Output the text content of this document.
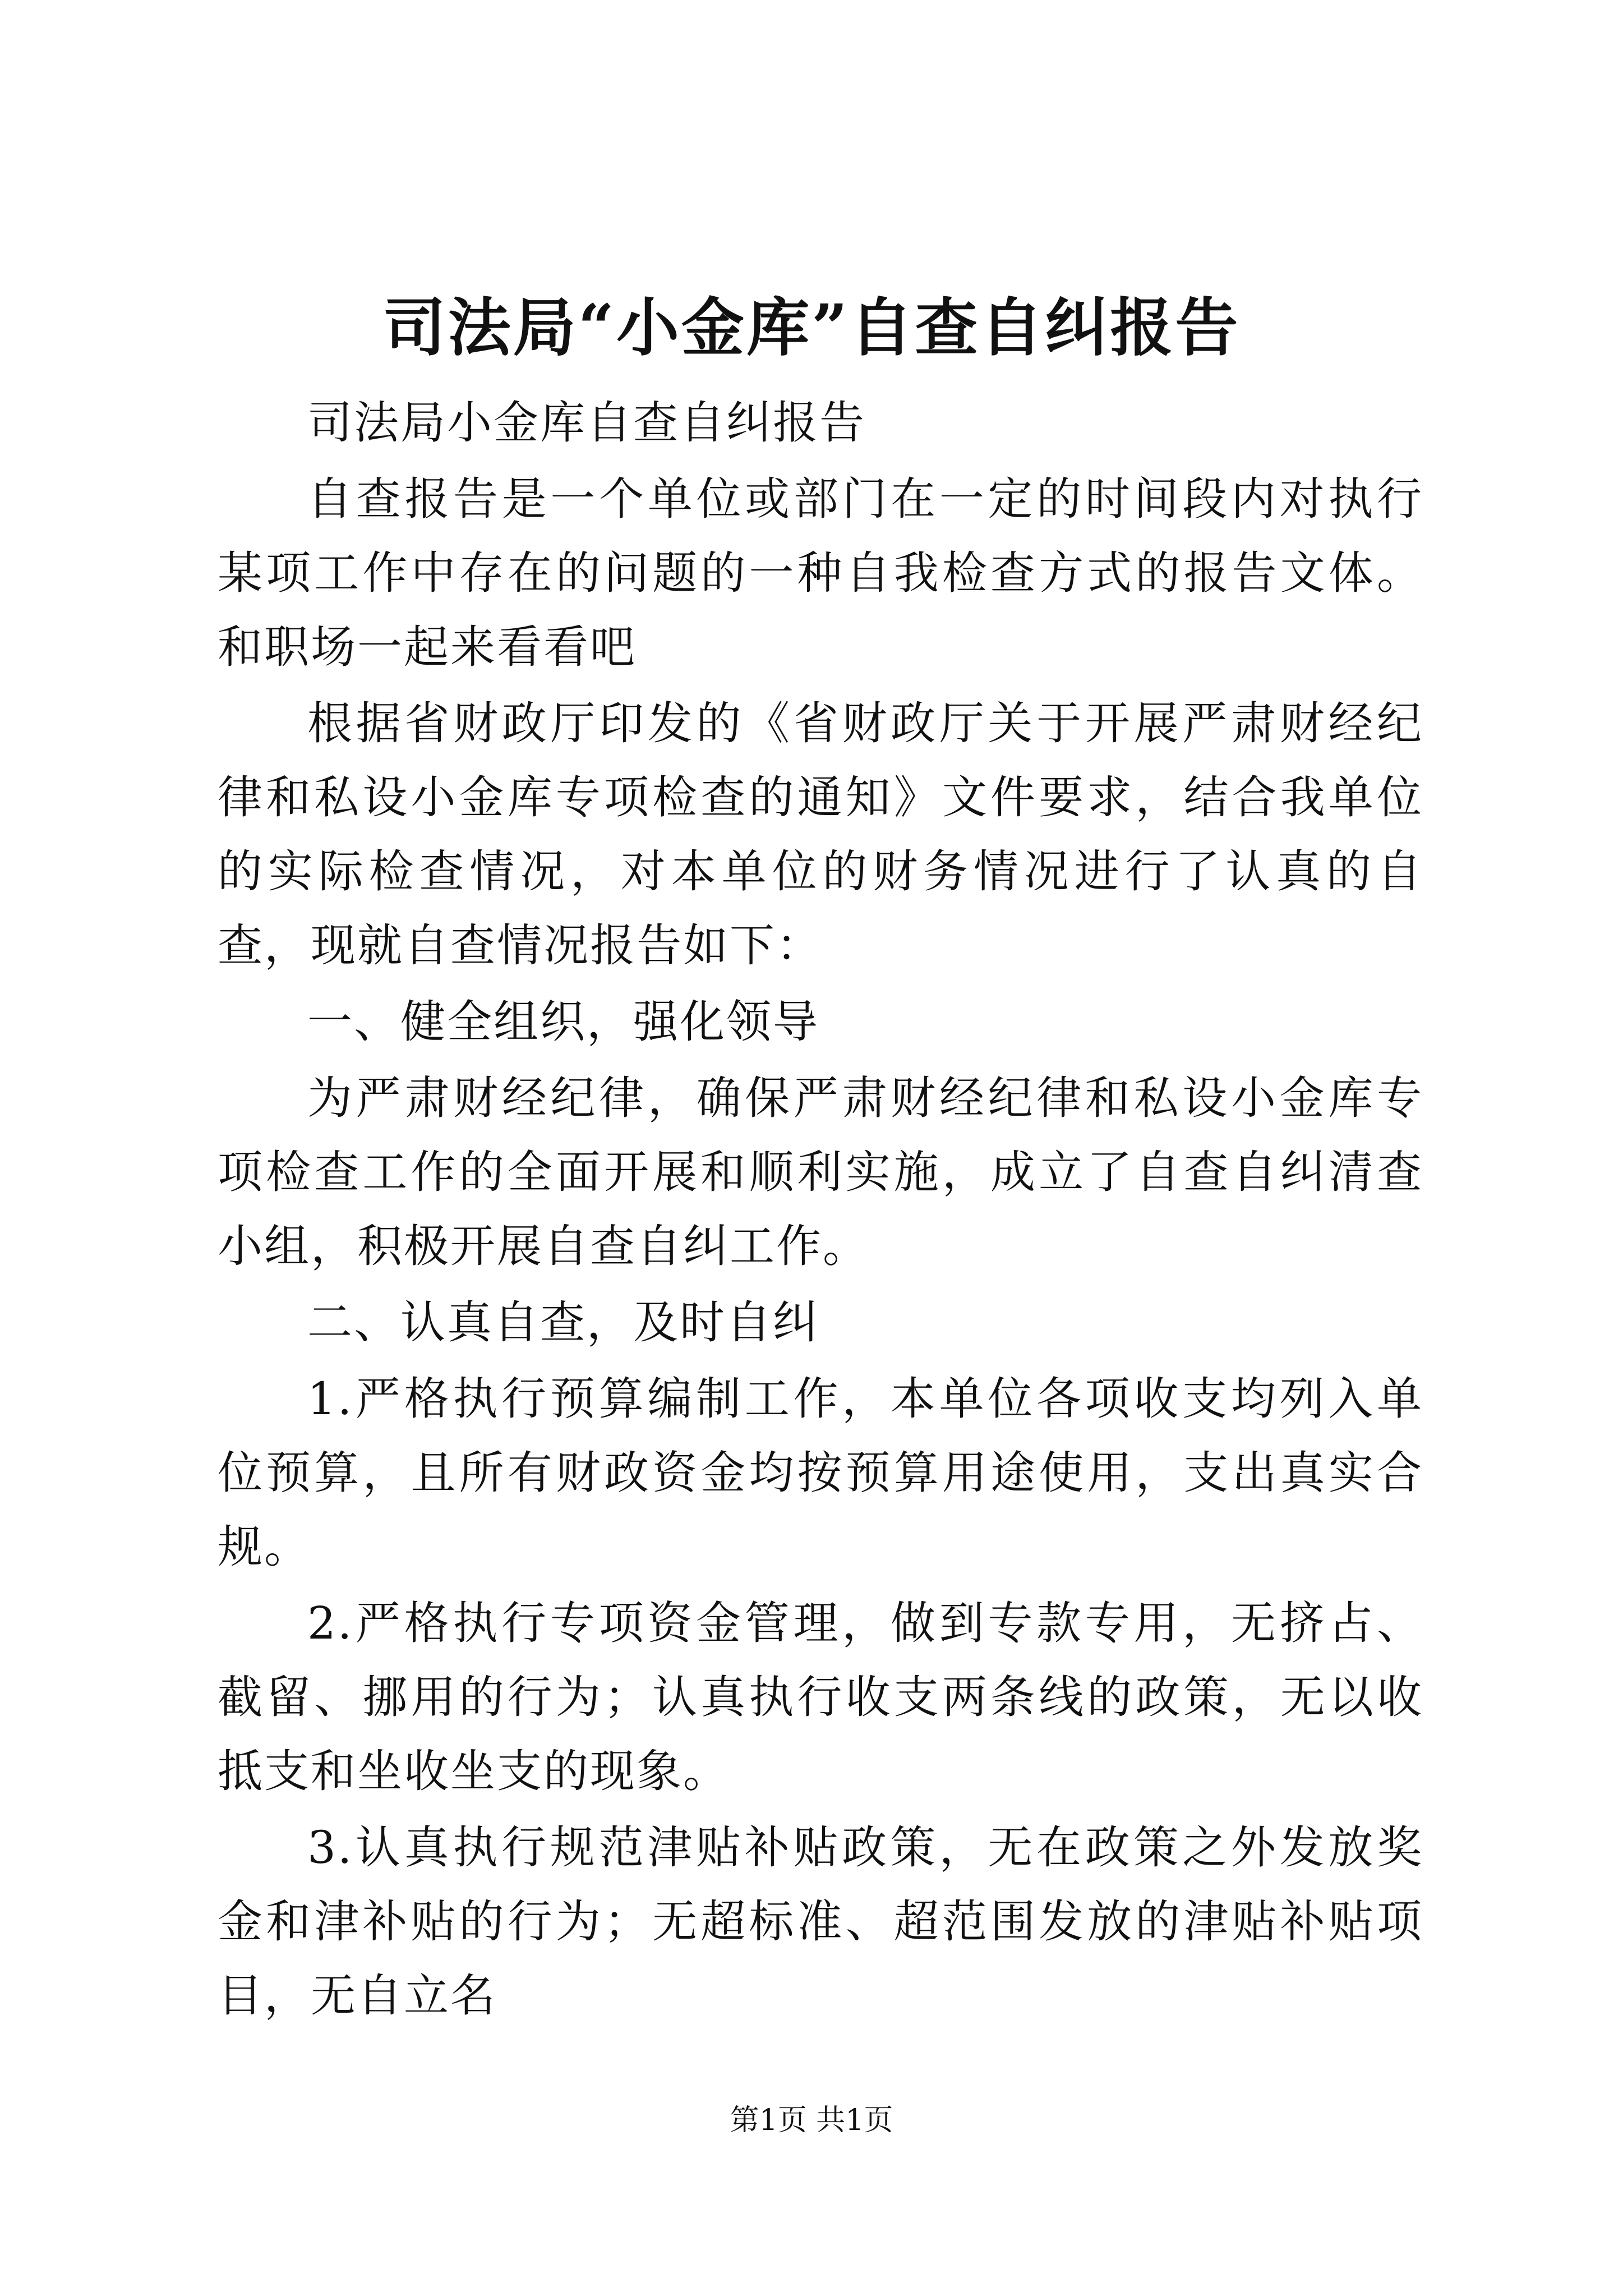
司法局“小金库”自查自纠报告

司法局小金库自查自纠报告

自查报告是一个单位或部门在一定的时间段内对执行某项工作中存在的问题的一种自我检查方式的报告文体。和职场一起来看看吧

根据省财政厅印发的《省财政厅关于开展严肃财经纪律和私设小金库专项检查的通知》文件要求，结合我单位的实际检查情况，对本单位的财务情况进行了认真的自查，现就自查情况报告如下：

一、健全组织，强化领导

为严肃财经纪律，确保严肃财经纪律和私设小金库专项检查工作的全面开展和顺利实施，成立了自查自纠清查小组，积极开展自查自纠工作。

二、认真自查，及时自纠

1.严格执行预算编制工作，本单位各项收支均列入单位预算，且所有财政资金均按预算用途使用，支出真实合规。

2.严格执行专项资金管理，做到专款专用，无挤占、截留、挪用的行为；认真执行收支两条线的政策，无以收抵支和坐收坐支的现象。

3.认真执行规范津贴补贴政策，无在政策之外发放奖金和津补贴的行为；无超标准、超范围发放的津贴补贴项目，无自立名

第1页 共1页
